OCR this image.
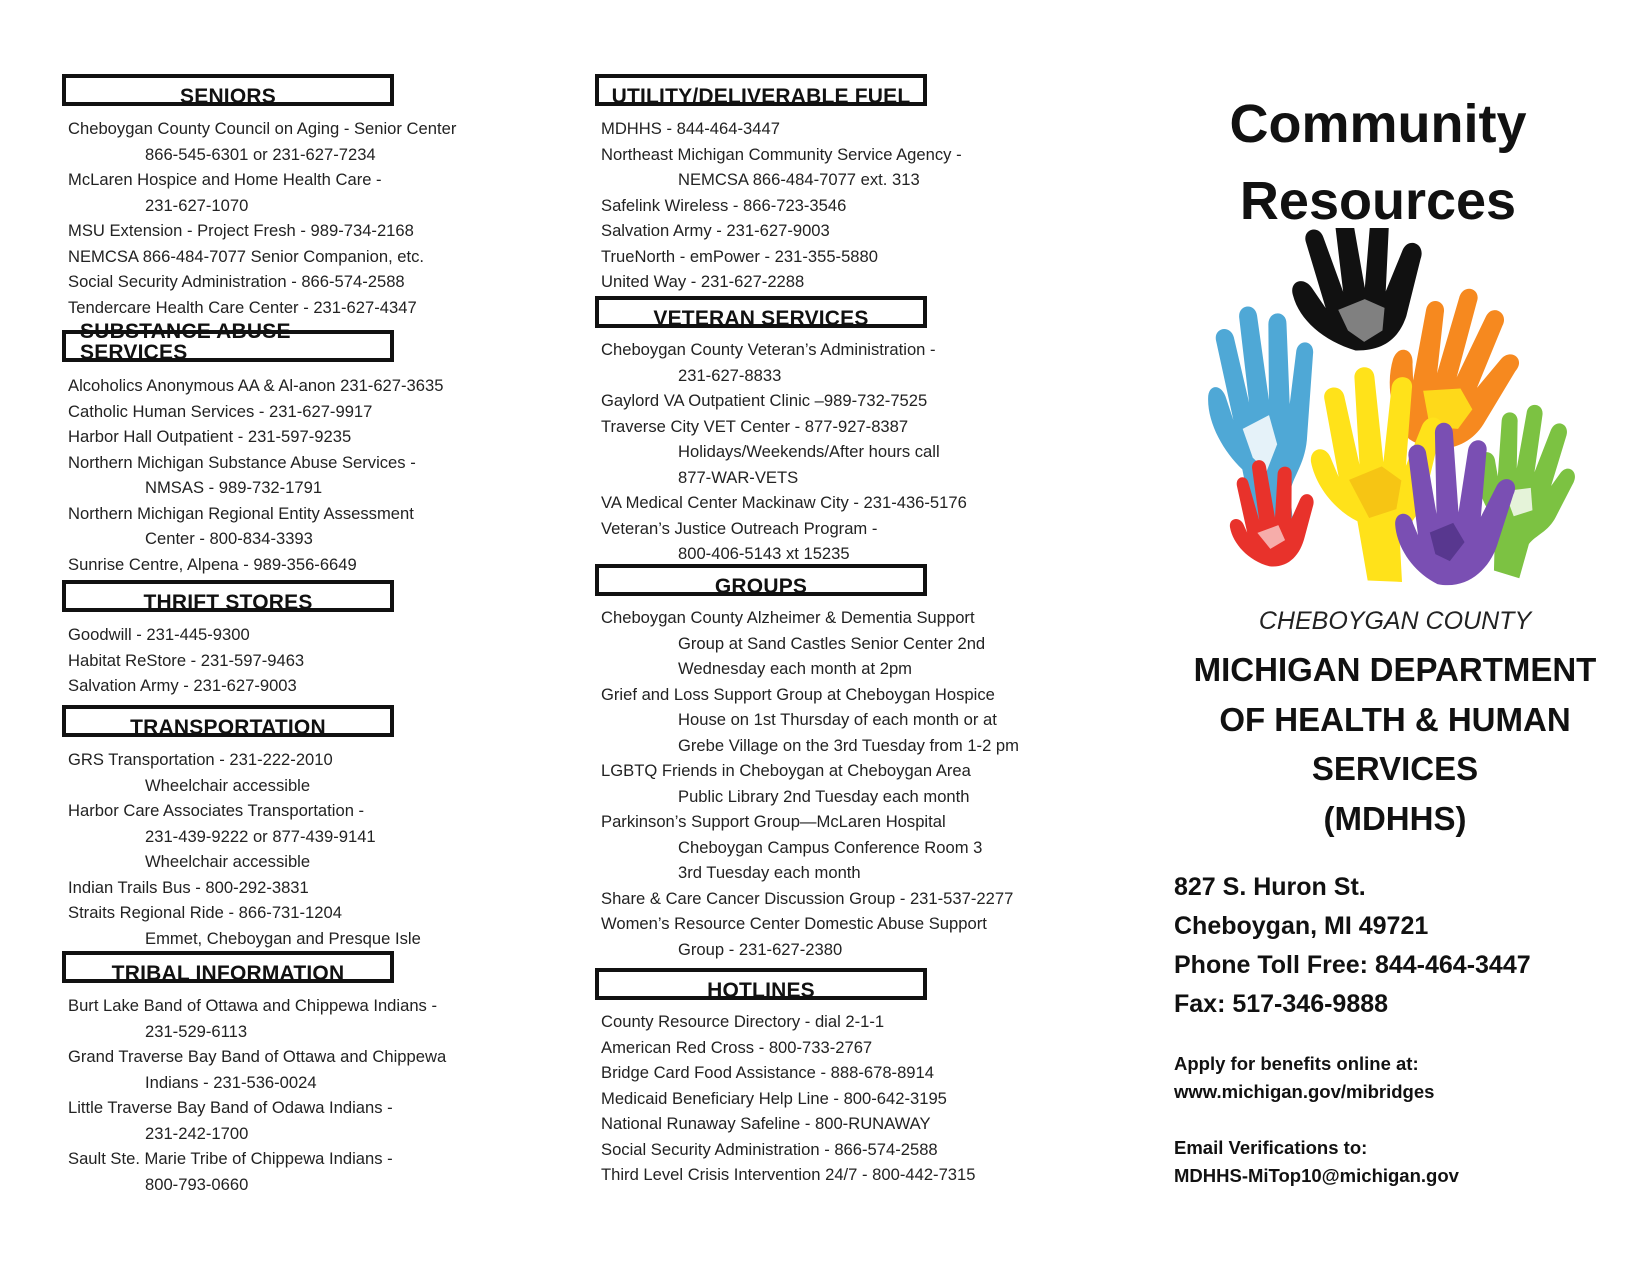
SENIORS
Cheboygan County Council on Aging - Senior Center
866-545-6301 or 231-627-7234
McLaren Hospice and Home Health Care -
231-627-1070
MSU Extension - Project Fresh - 989-734-2168
NEMCSA 866-484-7077 Senior Companion, etc.
Social Security Administration - 866-574-2588
Tendercare Health Care Center - 231-627-4347
SUBSTANCE ABUSE SERVICES
Alcoholics Anonymous AA & Al-anon 231-627-3635
Catholic Human Services - 231-627-9917
Harbor Hall Outpatient - 231-597-9235
Northern Michigan Substance Abuse Services -
NMSAS - 989-732-1791
Northern Michigan Regional Entity Assessment
Center - 800-834-3393
Sunrise Centre, Alpena - 989-356-6649
THRIFT STORES
Goodwill - 231-445-9300
Habitat ReStore - 231-597-9463
Salvation Army - 231-627-9003
TRANSPORTATION
GRS Transportation - 231-222-2010
Wheelchair accessible
Harbor Care Associates Transportation -
231-439-9222 or 877-439-9141
Wheelchair accessible
Indian Trails Bus - 800-292-3831
Straits Regional Ride - 866-731-1204
Emmet, Cheboygan and Presque Isle
TRIBAL INFORMATION
Burt Lake Band of Ottawa and Chippewa Indians -
231-529-6113
Grand Traverse Bay Band of Ottawa and Chippewa
Indians - 231-536-0024
Little Traverse Bay Band of Odawa Indians -
231-242-1700
Sault Ste. Marie Tribe of Chippewa Indians -
800-793-0660
UTILITY/DELIVERABLE FUEL
MDHHS - 844-464-3447
Northeast Michigan Community Service Agency -
NEMCSA 866-484-7077 ext. 313
Safelink Wireless - 866-723-3546
Salvation Army - 231-627-9003
TrueNorth - emPower - 231-355-5880
United Way - 231-627-2288
VETERAN SERVICES
Cheboygan County Veteran’s Administration -
231-627-8833
Gaylord VA Outpatient Clinic –989-732-7525
Traverse City VET Center - 877-927-8387
Holidays/Weekends/After hours call
877-WAR-VETS
VA Medical Center Mackinaw City - 231-436-5176
Veteran’s Justice Outreach Program -
800-406-5143 xt 15235
GROUPS
Cheboygan County Alzheimer & Dementia Support
Group at Sand Castles Senior Center 2nd
Wednesday each month at 2pm
Grief and Loss Support Group at Cheboygan Hospice
House on 1st Thursday of each month or at
Grebe Village on the 3rd Tuesday from 1-2 pm
LGBTQ Friends in Cheboygan at Cheboygan Area
Public Library 2nd Tuesday each month
Parkinson’s Support Group—McLaren Hospital
Cheboygan Campus Conference Room 3
3rd Tuesday each month
Share & Care Cancer Discussion Group - 231-537-2277
Women’s Resource Center Domestic Abuse Support
Group - 231-627-2380
HOTLINES
County Resource Directory - dial 2-1-1
American Red Cross - 800-733-2767
Bridge Card Food Assistance - 888-678-8914
Medicaid Beneficiary Help Line - 800-642-3195
National Runaway Safeline - 800-RUNAWAY
Social Security Administration - 866-574-2588
Third Level Crisis Intervention 24/7 - 800-442-7315
Community
Resources
CHEBOYGAN COUNTY
MICHIGAN DEPARTMENT
OF HEALTH & HUMAN
SERVICES
(MDHHS)
827 S. Huron St.
Cheboygan, MI 49721
Phone Toll Free: 844-464-3447
Fax: 517-346-9888
Apply for benefits online at:
www.michigan.gov/mibridges
Email Verifications to:
MDHHS-MiTop10@michigan.gov
